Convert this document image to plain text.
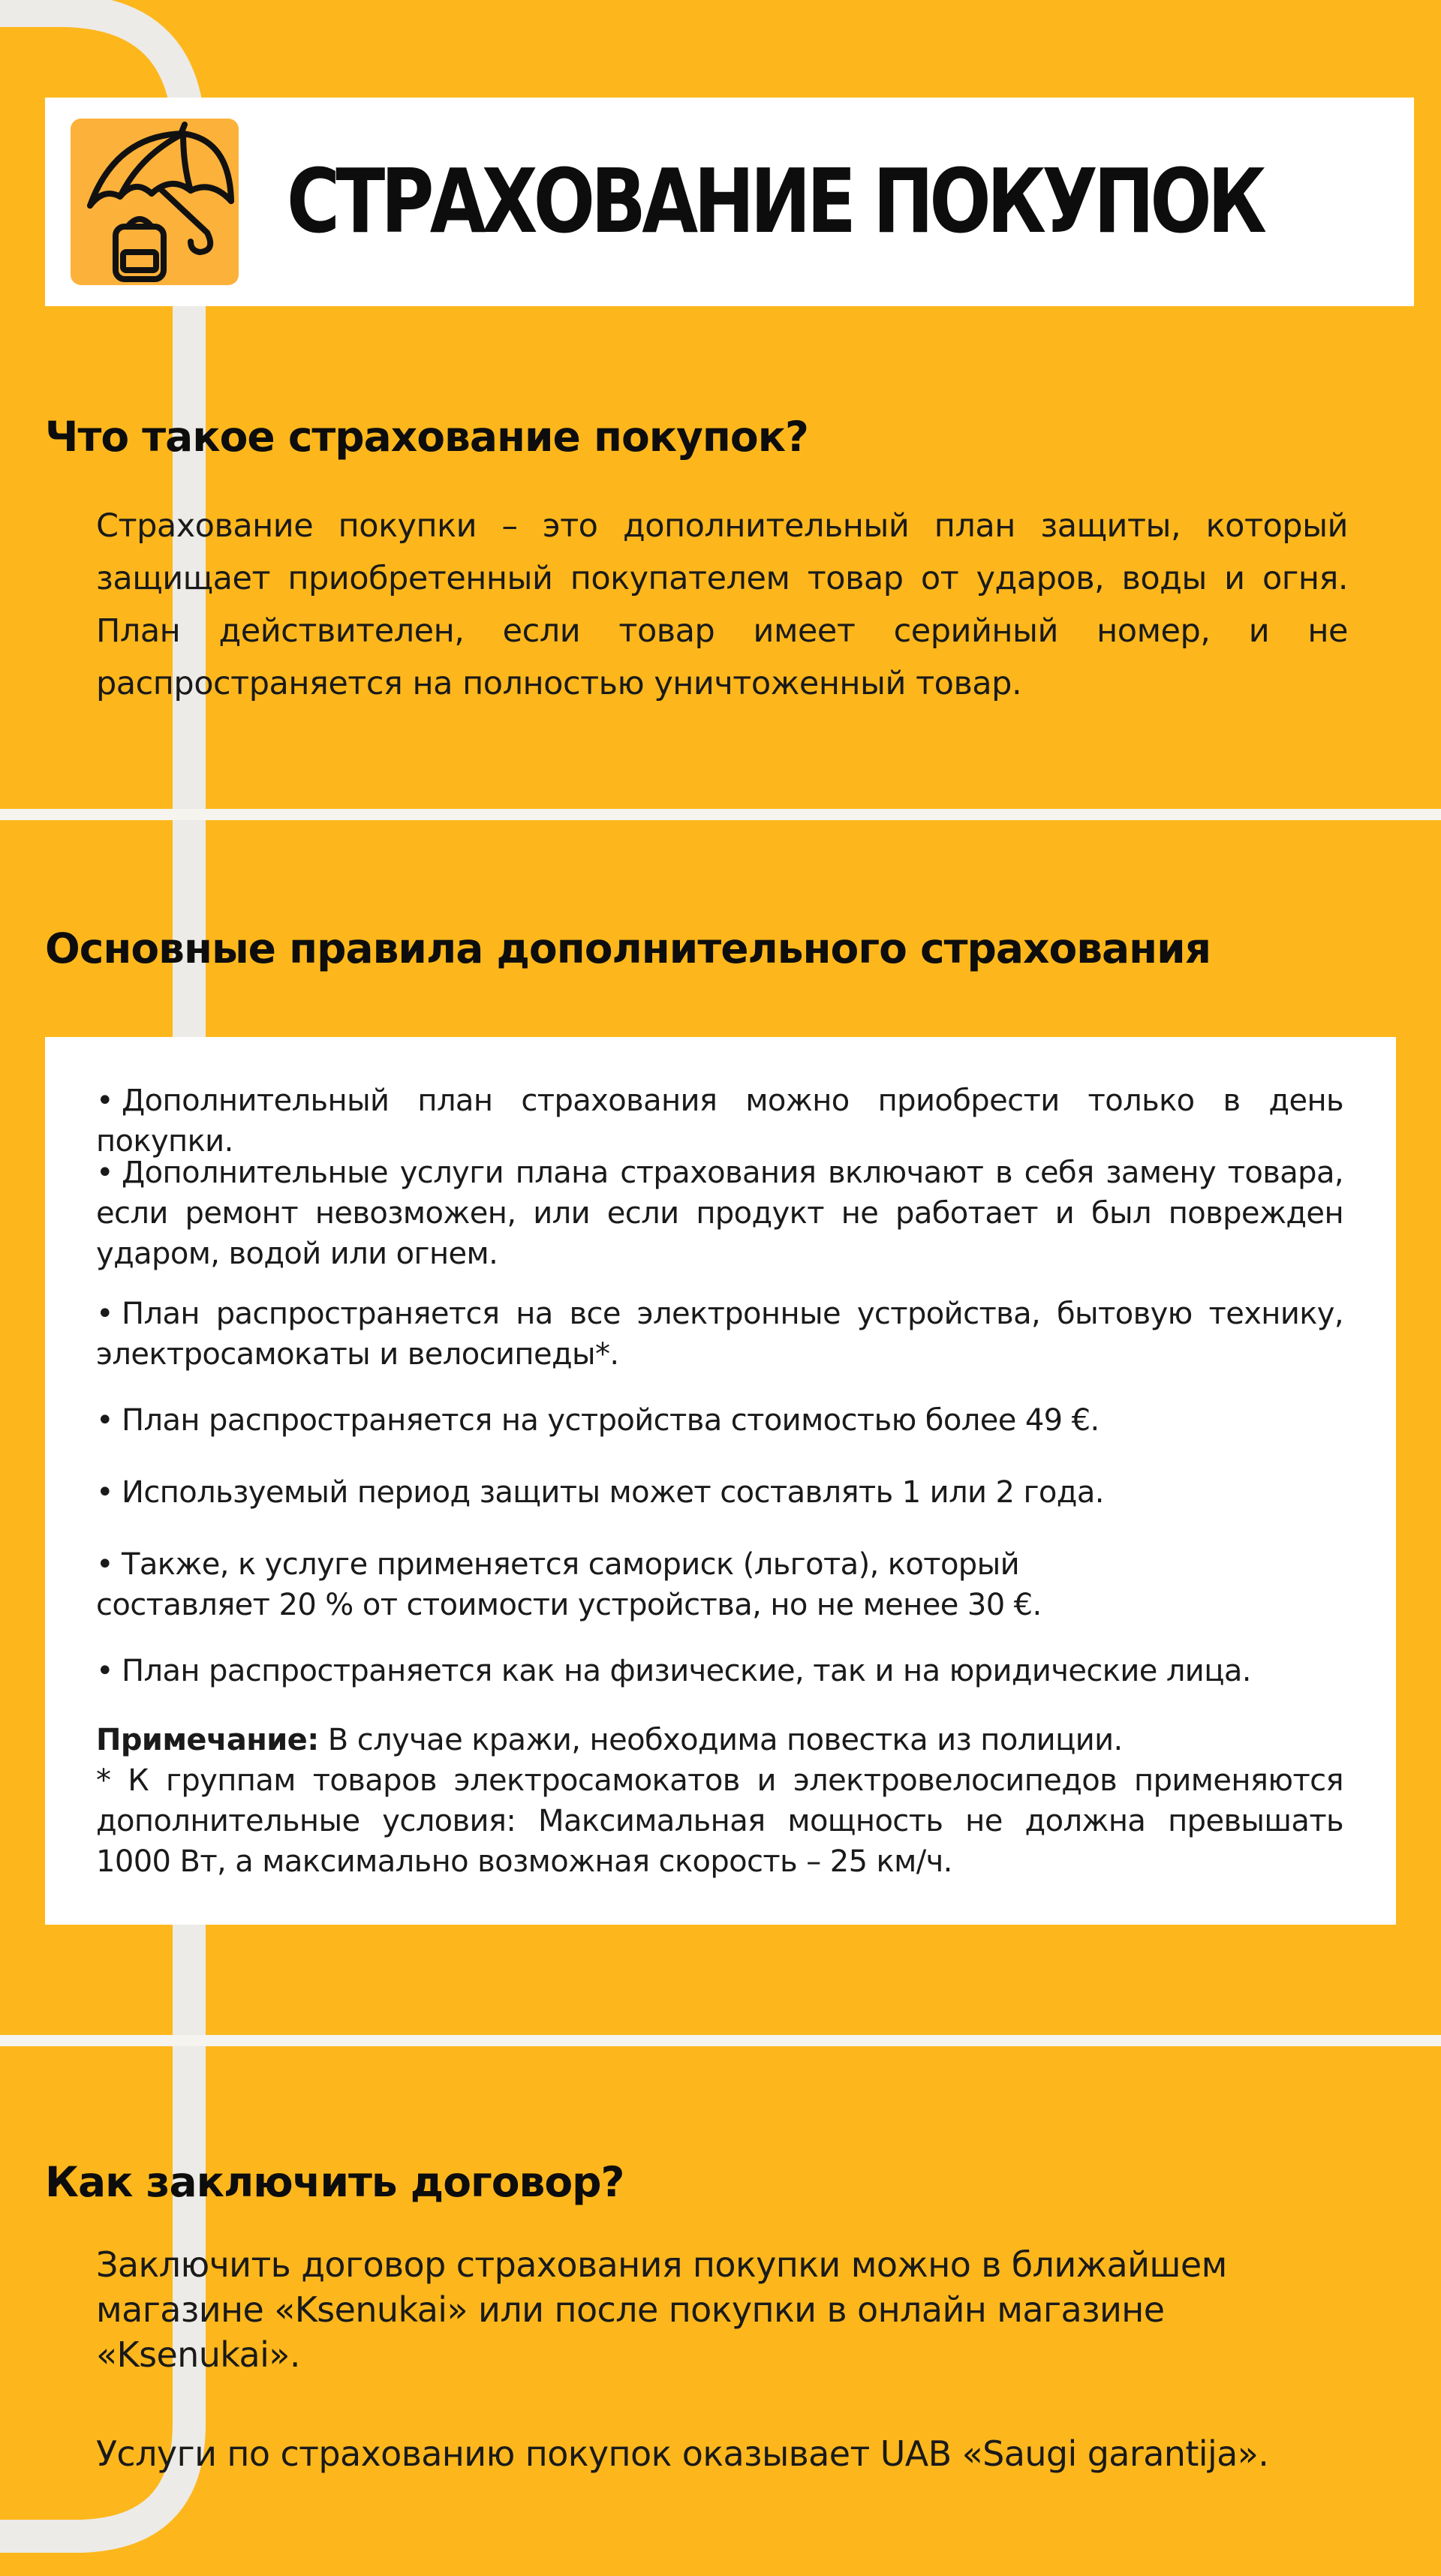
СТРАХОВАНИЕ ПОКУПОК
Что такое страхование покупок?

Страхование покупки – это дополнительный план защиты, который защищает приобретенный покупателем товар от ударов, воды и огня. План действителен, если товар имеет серийный номер, и не распространяется на полностью уничтоженный товар.

Основные правила дополнительного страхования
• Дополнительный план страхования можно приобрести только в день покупки.
• Дополнительные услуги плана страхования включают в себя замену товара, если ремонт невозможен, или если продукт не работает и был поврежден ударом, водой или огнем.
• План распространяется на все электронные устройства, бытовую технику, электросамокаты и велосипеды*.
• План распространяется на устройства стоимостью более 49 €.
• Используемый период защиты может составлять 1 или 2 года.
• Также, к услуге применяется самориск (льгота), который составляет 20 % от стоимости устройства, но не менее 30 €.
• План распространяется как на физические, так и на юридические лица.
Примечание: В случае кражи, необходима повестка из полиции.
* К группам товаров электросамокатов и электровелосипедов применяются дополнительные условия: Максимальная мощность не должна превышать 1000 Вт, а максимально возможная скорость – 25 км/ч.
Как заключить договор?

Заключить договор страхования покупки можно в ближайшем магазине «Ksenukai» или после покупки в онлайн магазине «Ksenukai».

Услуги по страхованию покупок оказывает UAB «Saugi garantija».
